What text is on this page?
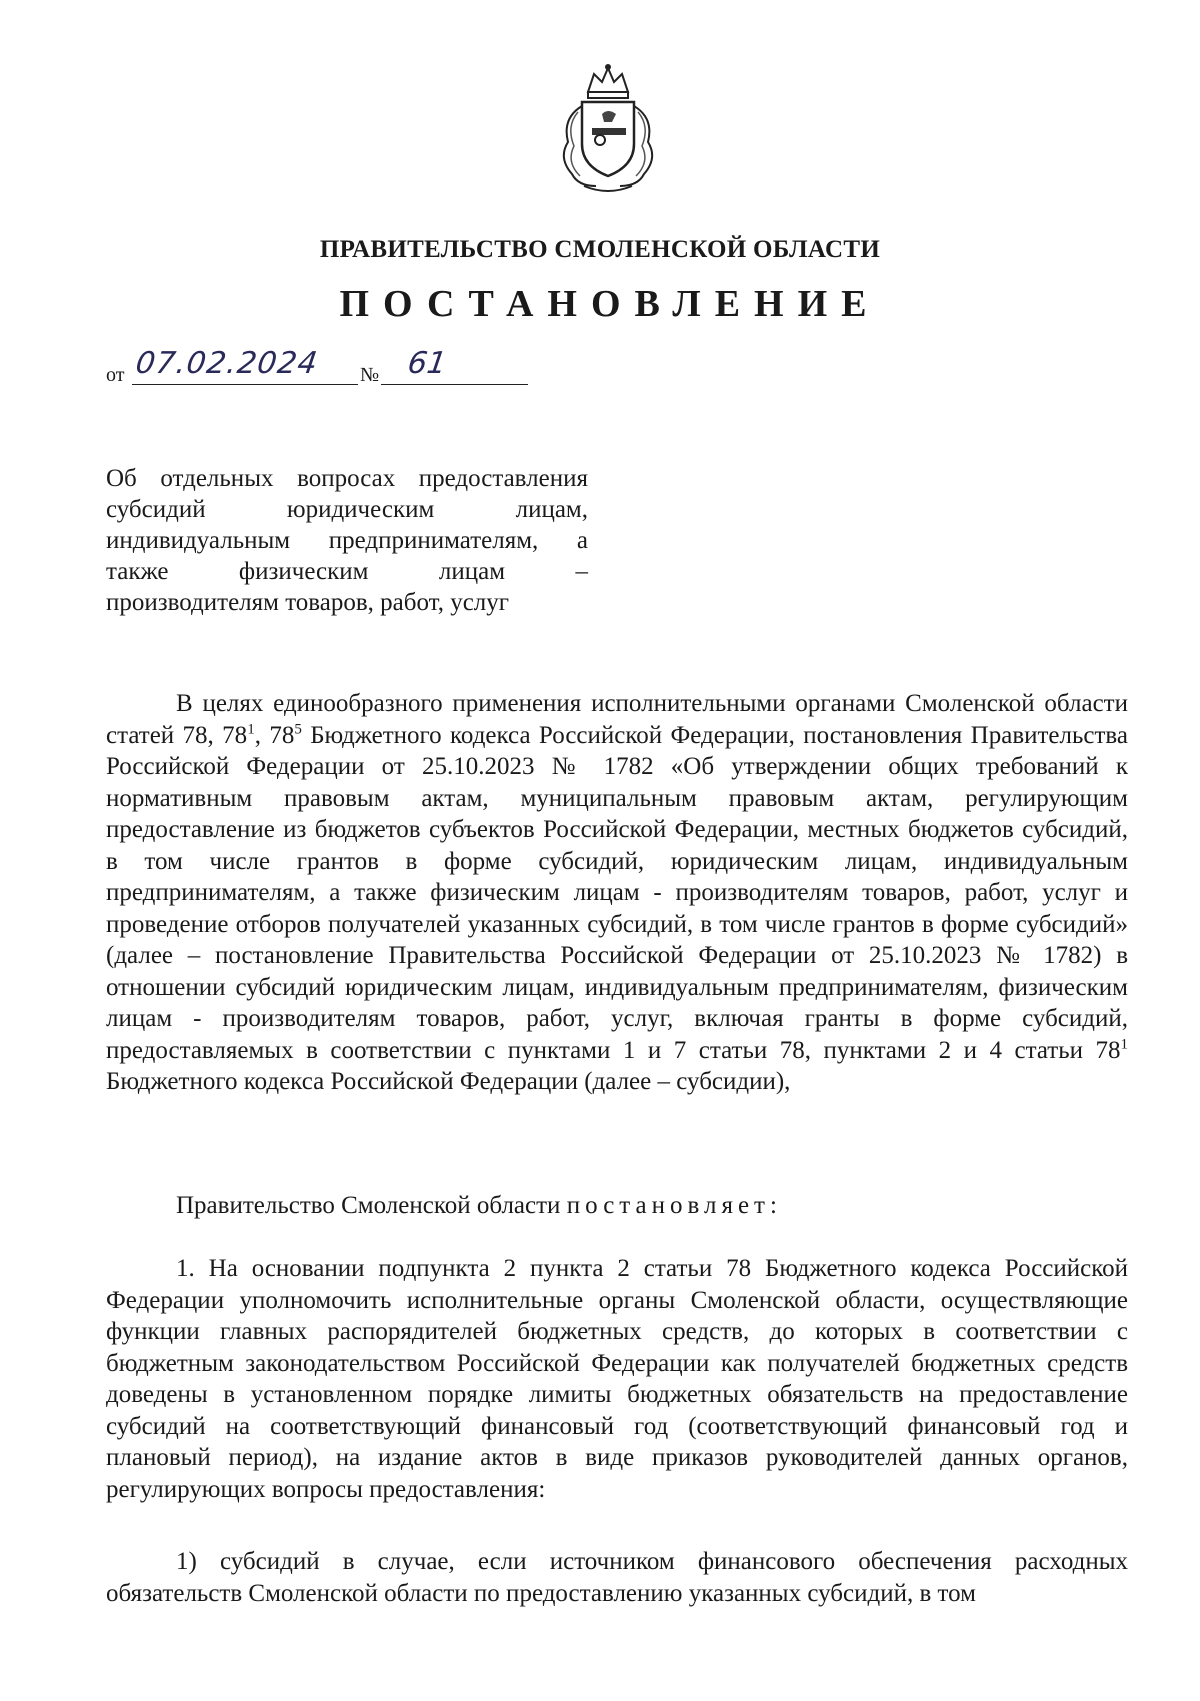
ПРАВИТЕЛЬСТВО СМОЛЕНСКОЙ ОБЛАСТИ
ПОСТАНОВЛЕНИЕ
от 07.02.2024 № 61
Об отдельных вопросах предоставления
субсидий юридическим лицам,
индивидуальным предпринимателям, а
также физическим лицам –
производителям товаров, работ, услуг

В целях единообразного применения исполнительными органами Смоленской области статей 78, $78^1$, $78^5$ Бюджетного кодекса Российской Федерации, постановления Правительства Российской Федерации от 25.10.2023 № 1782 «Об утверждении общих требований к нормативным правовым актам, муниципальным правовым актам, регулирующим предоставление из бюджетов субъектов Российской Федерации, местных бюджетов субсидий, в том числе грантов в форме субсидий, юридическим лицам, индивидуальным предпринимателям, а также физическим лицам - производителям товаров, работ, услуг и проведение отборов получателей указанных субсидий, в том числе грантов в форме субсидий» (далее – постановление Правительства Российской Федерации от 25.10.2023 № 1782) в отношении субсидий юридическим лицам, индивидуальным предпринимателям, физическим лицам - производителям товаров, работ, услуг, включая гранты в форме субсидий, предоставляемых в соответствии с пунктами 1 и 7 статьи 78, пунктами 2 и 4 статьи $78^1$ Бюджетного кодекса Российской Федерации (далее – субсидии),

Правительство Смоленской области постановляет:

1. На основании подпункта 2 пункта 2 статьи 78 Бюджетного кодекса Российской Федерации уполномочить исполнительные органы Смоленской области, осуществляющие функции главных распорядителей бюджетных средств, до которых в соответствии с бюджетным законодательством Российской Федерации как получателей бюджетных средств доведены в установленном порядке лимиты бюджетных обязательств на предоставление субсидий на соответствующий финансовый год (соответствующий финансовый год и плановый период), на издание актов в виде приказов руководителей данных органов, регулирующих вопросы предоставления:

1) субсидий в случае, если источником финансового обеспечения расходных обязательств Смоленской области по предоставлению указанных субсидий, в том
